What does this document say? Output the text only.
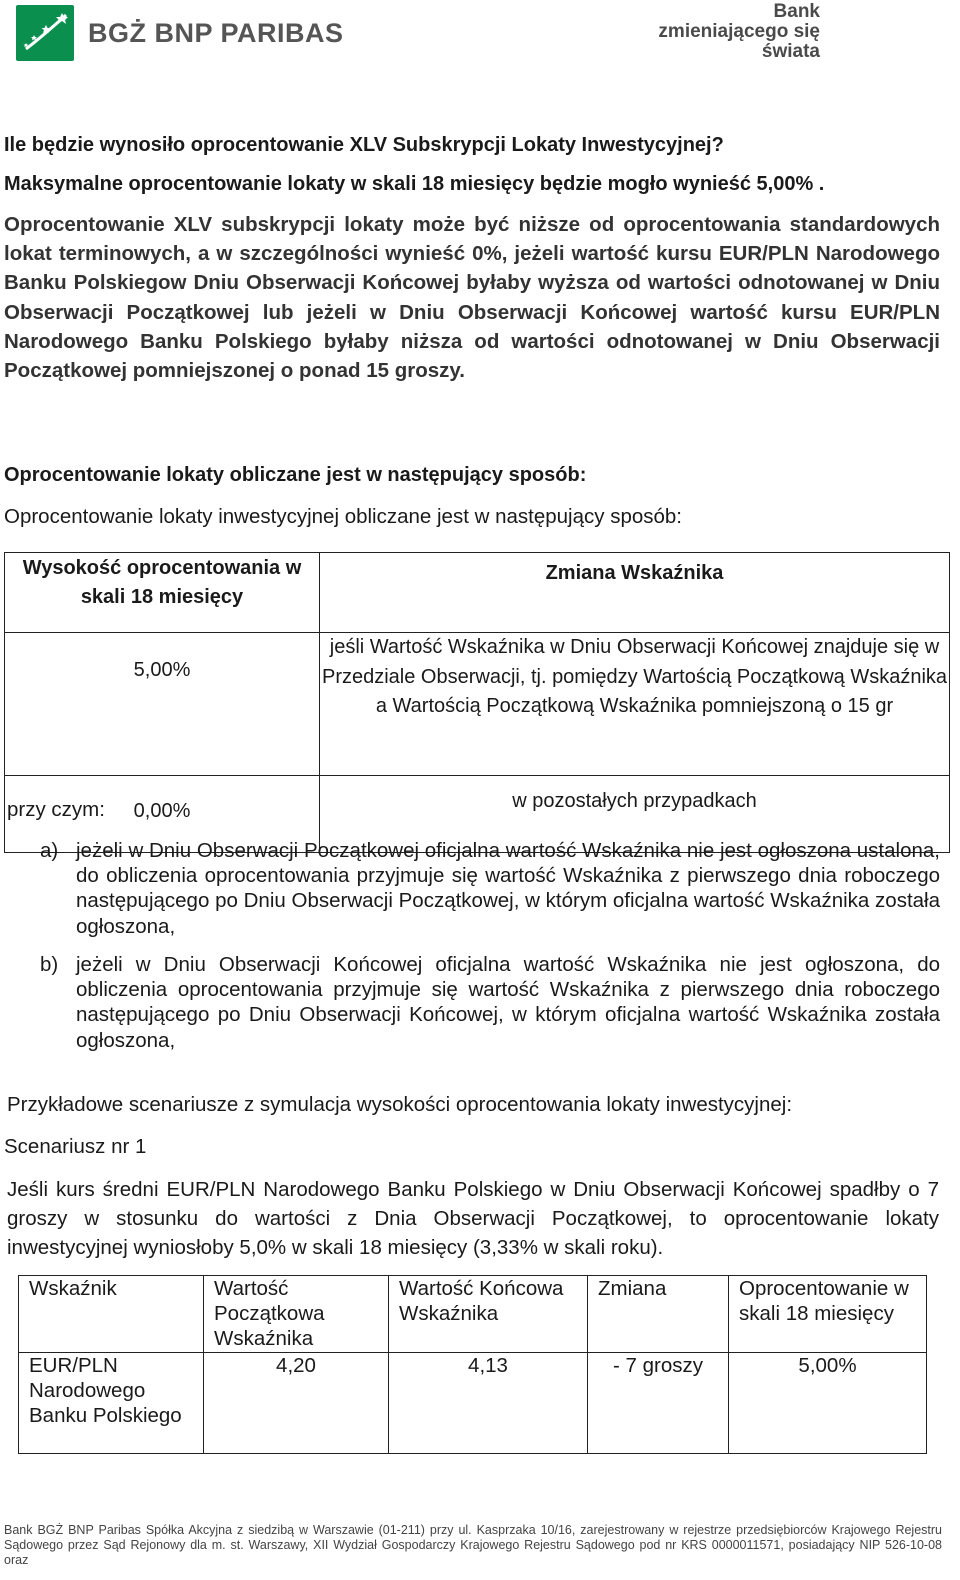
BGŻ BNP PARIBAS
Bank
zmieniającego się
świata
Ile będzie wynosiło oprocentowanie XLV Subskrypcji Lokaty Inwestycyjnej?
Maksymalne oprocentowanie lokaty w skali 18 miesięcy będzie mogło wynieść 5,00% .
Oprocentowanie XLV subskrypcji lokaty może być niższe od oprocentowania standardowych lokat terminowych, a w szczególności wynieść 0%, jeżeli wartość kursu EUR/PLN Narodowego Banku Polskiegow Dniu Obserwacji Końcowej byłaby wyższa od wartości odnotowanej w Dniu Obserwacji Początkowej lub jeżeli w Dniu Obserwacji Końcowej wartość kursu EUR/PLN Narodowego Banku Polskiego byłaby niższa od wartości odnotowanej w Dniu Obserwacji Początkowej pomniejszonej o ponad 15 groszy.
Oprocentowanie lokaty obliczane jest w następujący sposób:
Oprocentowanie lokaty inwestycyjnej obliczane jest w następujący sposób:
Wysokość oprocentowania w skali 18 miesięcy	Zmiana Wskaźnika
5,00%	jeśli Wartość Wskaźnika w Dniu Obserwacji Końcowej znajduje się w Przedziale Obserwacji, tj. pomiędzy Wartością Początkową Wskaźnika a Wartością Początkową Wskaźnika pomniejszoną o 15 gr
0,00%	w pozostałych przypadkach
przy czym:
a) jeżeli w Dniu Obserwacji Początkowej oficjalna wartość Wskaźnika nie jest ogłoszona ustalona, do obliczenia oprocentowania przyjmuje się wartość Wskaźnika z pierwszego dnia roboczego następującego po Dniu Obserwacji Początkowej, w którym oficjalna wartość Wskaźnika została ogłoszona,
b) jeżeli w Dniu Obserwacji Końcowej oficjalna wartość Wskaźnika nie jest ogłoszona, do obliczenia oprocentowania przyjmuje się wartość Wskaźnika z pierwszego dnia roboczego następującego po Dniu Obserwacji Końcowej, w którym oficjalna wartość Wskaźnika została ogłoszona,
Przykładowe scenariusze z symulacja wysokości oprocentowania lokaty inwestycyjnej:
Scenariusz nr 1
Jeśli kurs średni EUR/PLN Narodowego Banku Polskiego w Dniu Obserwacji Końcowej spadłby o 7 groszy w stosunku do wartości z Dnia Obserwacji Początkowej, to oprocentowanie lokaty inwestycyjnej wyniosłoby 5,0% w skali 18 miesięcy (3,33% w skali roku).
Wskaźnik	Wartość Początkowa Wskaźnika	Wartość Końcowa Wskaźnika	Zmiana	Oprocentowanie w skali 18 miesięcy
EUR/PLN Narodowego Banku Polskiego	4,20	4,13	- 7 groszy	5,00%
Bank BGŻ BNP Paribas Spółka Akcyjna z siedzibą w Warszawie (01-211) przy ul. Kasprzaka 10/16, zarejestrowany w rejestrze przedsiębiorców Krajowego Rejestru Sądowego przez Sąd Rejonowy dla m. st. Warszawy, XII Wydział Gospodarczy Krajowego Rejestru Sądowego pod nr KRS 0000011571, posiadający NIP 526-10-08 oraz
